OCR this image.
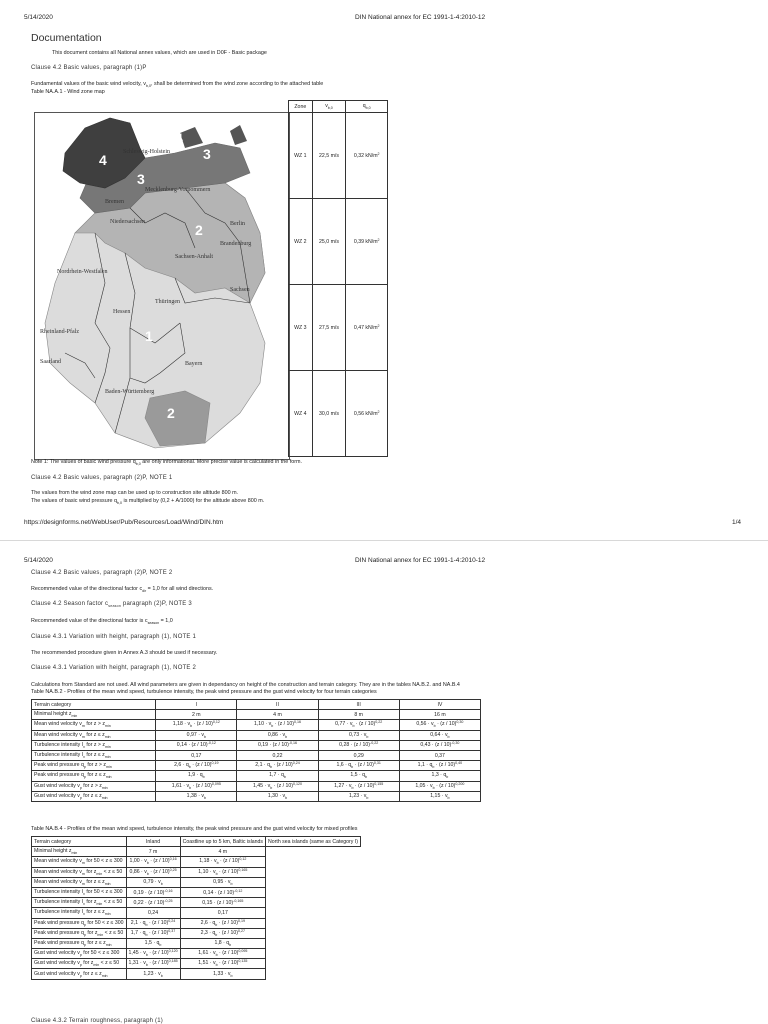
5/14/2020	DIN National annex for EC 1991-1-4:2010-12
Documentation
This document contains all National annex values, which are used in D0F - Basic package
Clause 4.2 Basic values, paragraph (1)P
Fundamental values of the basic wind velocity, $v_{b,0}$, shall be determined from the wind zone according to the attached table
Table NA.A.1 - Wind zone map
4
3
3
4
2
1
2
Schleswig-Holstein
Mecklenburg-Vorpommern
Bremen
Niedersachsen	Berlin
Brandenburg
Sachsen-Anhalt
Nordrhein-Westfalen
Sachsen
Thüringen
Hessen
Rheinland-Pfalz
Saarland	Bayern
Baden-Württemberg
Zone	$v_{b,0}$	$q_{b,0}$
WZ 1	22,5 m/s	0,32 $kN/m^2$
WZ 2	25,0 m/s	0,39 $kN/m^2$
WZ 3	27,5 m/s	0,47 $kN/m^2$
WZ 4	30,0 m/s	0,56 $kN/m^2$
Note 1: The values of basic wind pressure $q_{b,0}$ are only informational. More precise value is calculated in the form.
Clause 4.2 Basic values, paragraph (2)P, NOTE 1
The values from the wind zone map can be used up to construction site altitude 800 m.
The values of basic wind pressure $q_{b,0}$ is multiplied by (0,2 + A/1000) for the altitude above 800 m.
https://designforms.net/WebUser/Pub/Resources/Load/Wind/DIN.htm	1/4
5/14/2020	DIN National annex for EC 1991-1-4:2010-12
Clause 4.2 Basic values, paragraph (2)P, NOTE 2
Recommended value of the directional factor $c_{dir} = 1,0$ for all wind directions.
Clause 4.2 Season factor $c_{season}$ paragraph (2)P, NOTE 3
Recommended value of the directional factor is $c_{season} = 1,0$
Clause 4.3.1 Variation with height, paragraph (1), NOTE 1
The recommended procedure given in Annex A.3 should be used if necessary.
Clause 4.3.1 Variation with height, paragraph (1), NOTE 2
Calculations from Standard are not used. All wind parameters are given in dependancy on height of the construction and terrain category. They are in the tables NA.B.2. and NA.B.4
Table NA.B.2 - Profiles of the mean wind speed, turbulence intensity, the peak wind pressure and the gust wind velocity for four terrain categories
Terrain category	I	II	III	IV
Minimal height $z_{min}$	2 m	4 m	8 m	16 m
Mean wind velocity $v_m$ for $z > z_{min}$	$1,18 \cdot v_b \cdot (z / 10)^{0,12}$	$1,10 \cdot v_b \cdot (z / 10)^{0,16}$	$0,77 \cdot v_b \cdot (z / 10)^{0,22}$	$0,56 \cdot v_b \cdot (z / 10)^{0,30}$
Mean wind velocity $v_m$ for $z \le z_{min}$	$0,97 \cdot v_b$	$0,86 \cdot v_b$	$0,73 \cdot v_b$	$0,64 \cdot v_b$
Turbulence intensity $I_v$ for $z > z_{min}$	0,14 · (z / 10)$^{-0,12}$	0,19 · (z / 10)$^{-0,16}$	0,28 · (z / 10)$^{-0,22}$	0,43 · (z / 10)$^{-0,30}$
Turbulence intensity $I_v$ for $z \le z_{min}$	0,17	0,22	0,29	0,37
Peak wind pressure $q_p$ for $z > z_{min}$	$2,6 \cdot q_b \cdot (z / 10)^{0,19}$	$2,1 \cdot q_b \cdot (z / 10)^{0,24}$	$1,6 \cdot q_b \cdot (z / 10)^{0,31}$	$1,1 \cdot q_b \cdot (z / 10)^{0,40}$
Peak wind pressure $q_p$ for $z \le z_{min}$	$1,9 \cdot q_b$	$1,7 \cdot q_b$	$1,5 \cdot q_b$	$1,3 \cdot q_b$
Gust wind velocity $v_p$ for $z > z_{min}$	$1,61 \cdot v_b \cdot (z / 10)^{0,095}$	$1,45 \cdot v_b \cdot (z / 10)^{0,120}$	$1,27 \cdot v_b \cdot (z / 10)^{0,155}$	$1,05 \cdot v_b \cdot (z / 10)^{0,200}$
Gust wind velocity $v_p$ for $z \le z_{min}$	$1,38 \cdot v_b$	$1,30 \cdot v_b$	$1,23 \cdot v_b$	$1,15 \cdot v_b$
Table NA.B.4 - Profiles of the mean wind speed, turbulence intensity, the peak wind pressure and the gust wind velocity for mixed profiles
Terrain category	Inland	Coastline up to 5 km, Baltic islands	North sea islands (same as Category I)
Minimal height $z_{min}$	7 m	4 m	
Mean wind velocity $v_m$ for 50 < z ≤ 300	$1,00 \cdot v_b \cdot (z / 10)^{0,16}$	$1,18 \cdot v_b \cdot (z / 10)^{0,12}$
Mean wind velocity $v_m$ for $z_{min} < z \le 50$	$0,86 \cdot v_b \cdot (z / 10)^{0,25}$	$1,10 \cdot v_b \cdot (z / 10)^{0,165}$
Mean wind velocity $v_m$ for $z \le z_{min}$	$0,79 \cdot v_b$	$0,95 \cdot v_b$
Turbulence intensity $I_v$ for 50 < z ≤ 300	0,19 · (z / 10)$^{-0,16}$	0,14 · (z / 10)$^{-0,12}$
Turbulence intensity $I_v$ for $z_{min} < z \le 50$	0,22 · (z / 10)$^{-0,25}$	0,15 · (z / 10)$^{-0,165}$
Turbulence intensity $I_v$ for $z \le z_{min}$	0,24	0,17	
Peak wind pressure $q_p$ for 50 < z ≤ 300	$2,1 \cdot q_b \cdot (z / 10)^{0,24}$	$2,6 \cdot q_b \cdot (z / 10)^{0,19}$
Peak wind pressure $q_p$ for $z_{min} < z \le 50$	$1,7 \cdot q_b \cdot (z / 10)^{0,37}$	$2,3 \cdot q_b \cdot (z / 10)^{0,27}$
Peak wind pressure $q_p$ for $z \le z_{min}$	$1,5 \cdot q_b$	$1,8 \cdot q_b$
Gust wind velocity $v_p$ for 50 < z ≤ 300	$1,45 \cdot v_b \cdot (z / 10)^{0,120}$	$1,61 \cdot v_b \cdot (z / 10)^{0,095}$
Gust wind velocity $v_p$ for $z_{min} < z \le 50$	$1,31 \cdot v_b \cdot (z / 10)^{0,185}$	$1,51 \cdot v_b \cdot (z / 10)^{0,135}$
Gust wind velocity $v_p$ for $z \le z_{min}$	$1,23 \cdot v_b$	$1,33 \cdot v_b$
Clause 4.3.2 Terrain roughness, paragraph (1)
